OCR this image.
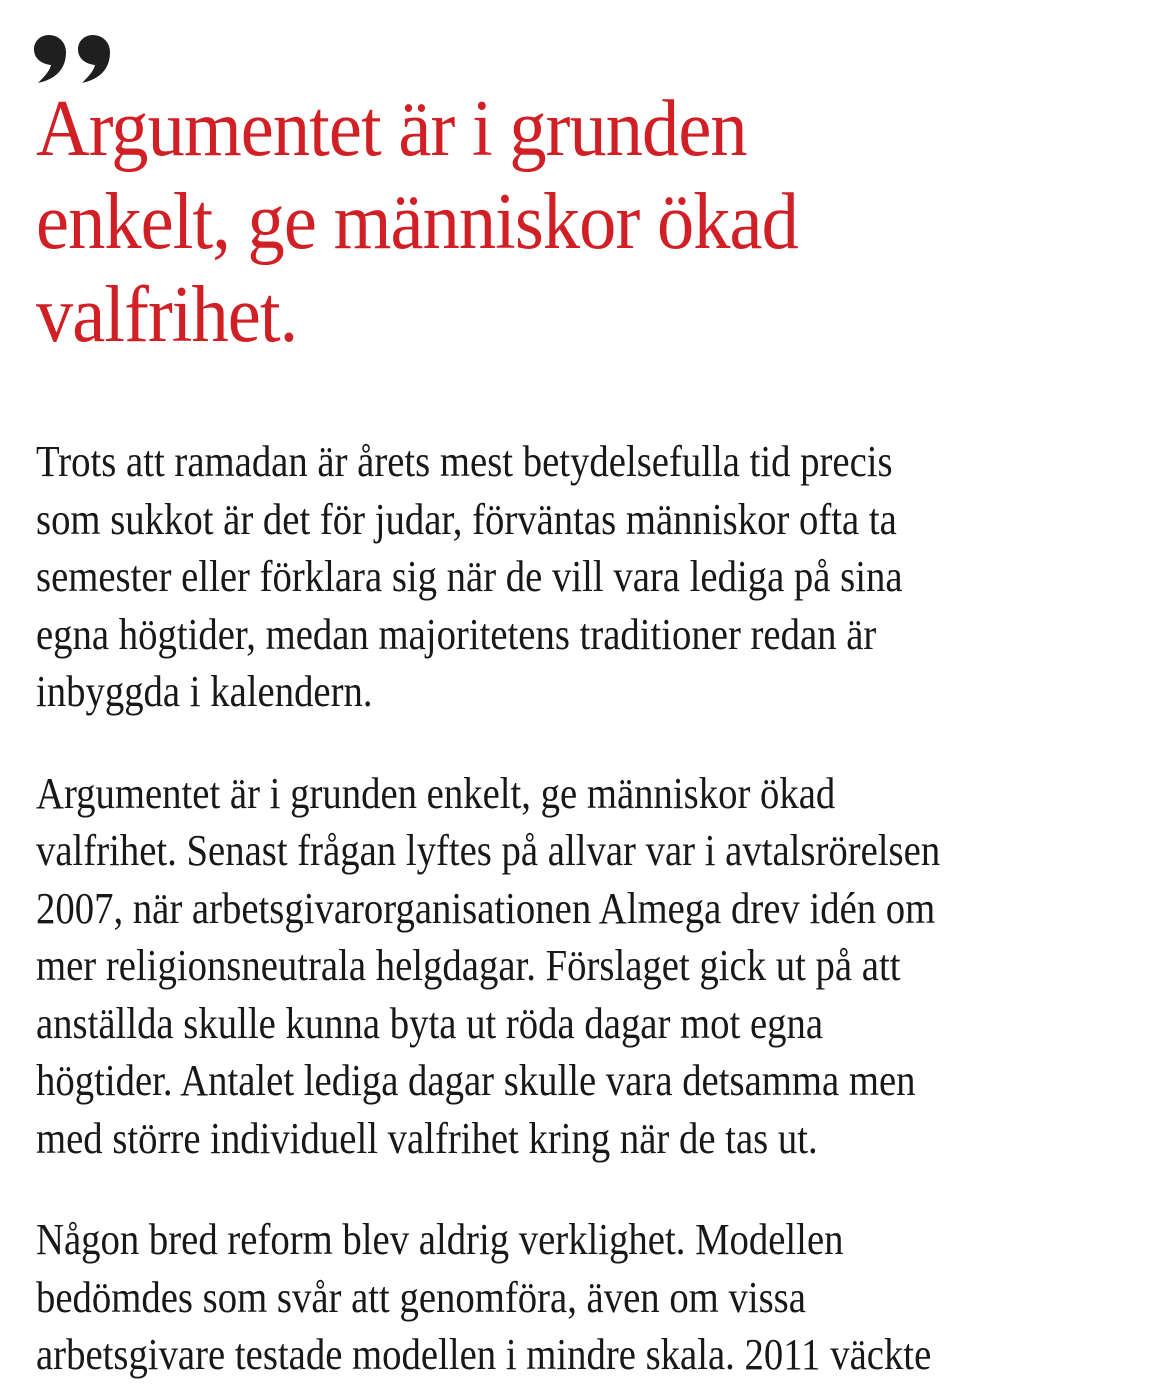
Argumentet är i grunden
enkelt, ge människor ökad
valfrihet.

Trots att ramadan är årets mest betydelsefulla tid precis
som sukkot är det för judar, förväntas människor ofta ta
semester eller förklara sig när de vill vara lediga på sina
egna högtider, medan majoritetens traditioner redan är
inbyggda i kalendern.

Argumentet är i grunden enkelt, ge människor ökad
valfrihet. Senast frågan lyftes på allvar var i avtalsrörelsen
2007, när arbetsgivarorganisationen Almega drev idén om
mer religionsneutrala helgdagar. Förslaget gick ut på att
anställda skulle kunna byta ut röda dagar mot egna
högtider. Antalet lediga dagar skulle vara detsamma men
med större individuell valfrihet kring när de tas ut.

Någon bred reform blev aldrig verklighet. Modellen
bedömdes som svår att genomföra, även om vissa
arbetsgivare testade modellen i mindre skala. 2011 väckte
